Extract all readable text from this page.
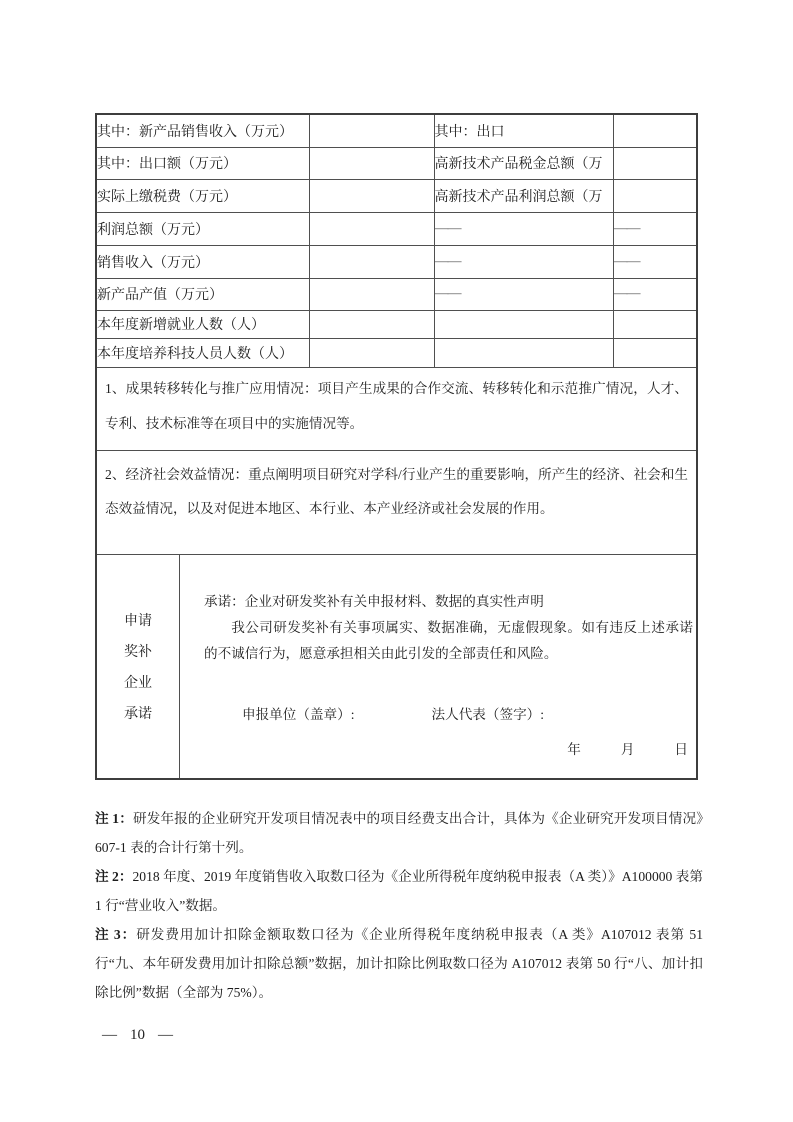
其中：新产品销售收入（万元）		其中：出口	
其中：出口额（万元）		高新技术产品税金总额（万	
实际上缴税费（万元）		高新技术产品利润总额（万	
利润总额（万元）		——	——
销售收入（万元）		——	——
新产品产值（万元）		——	——
本年度新增就业人数（人）			
本年度培养科技人员人数（人）			
1、成果转移转化与推广应用情况：项目产生成果的合作交流、转移转化和示范推广情况，人才、专利、技术标准等在项目中的实施情况等。
2、经济社会效益情况：重点阐明项目研究对学科/行业产生的重要影响，所产生的经济、社会和生态效益情况，以及对促进本地区、本行业、本产业经济或社会发展的作用。
申请
奖补
企业
承诺
承诺：企业对研发奖补有关申报材料、数据的真实性声明
我公司研发奖补有关事项属实、数据准确，无虚假现象。如有违反上述承诺的不诚信行为，愿意承担相关由此引发的全部责任和风险。
申报单位（盖章）:	法人代表（签字）:
年	月	日
注 1：研发年报的企业研究开发项目情况表中的项目经费支出合计，具体为《企业研究开发项目情况》607-1 表的合计行第十列。
注 2：2018 年度、2019 年度销售收入取数口径为《企业所得税年度纳税申报表（A 类）》A100000 表第 1 行“营业收入”数据。
注 3：研发费用加计扣除金额取数口径为《企业所得税年度纳税申报表（A 类》A107012 表第 51 行“九、本年研发费用加计扣除总额”数据，加计扣除比例取数口径为 A107012 表第 50 行“八、加计扣除比例”数据（全部为 75%）。
— 10 —
